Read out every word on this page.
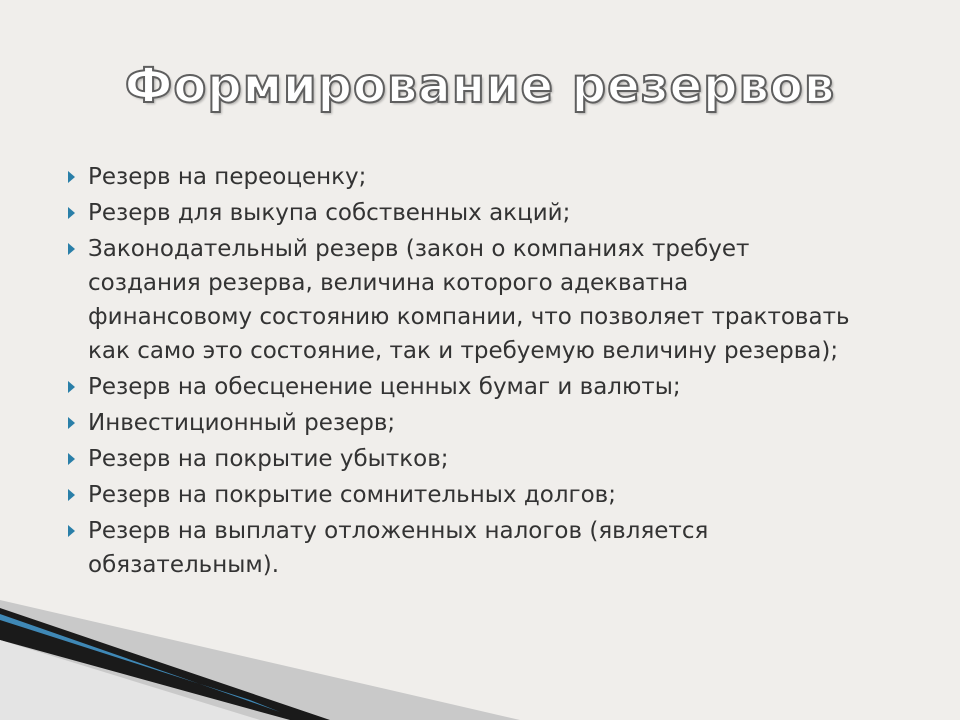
Формирование резервов
Резерв на переоценку;
Резерв для выкупа собственных акций;
Законодательный резерв (закон о компаниях требует создания резерва, величина которого адекватна финансовому состоянию компании, что позволяет трактовать как само это состояние, так и требуемую величину резерва);
Резерв на обесценение ценных бумаг и валюты;
Инвестиционный резерв;
Резерв на покрытие убытков;
Резерв на покрытие сомнительных долгов;
Резерв на выплату отложенных налогов (является обязательным).
